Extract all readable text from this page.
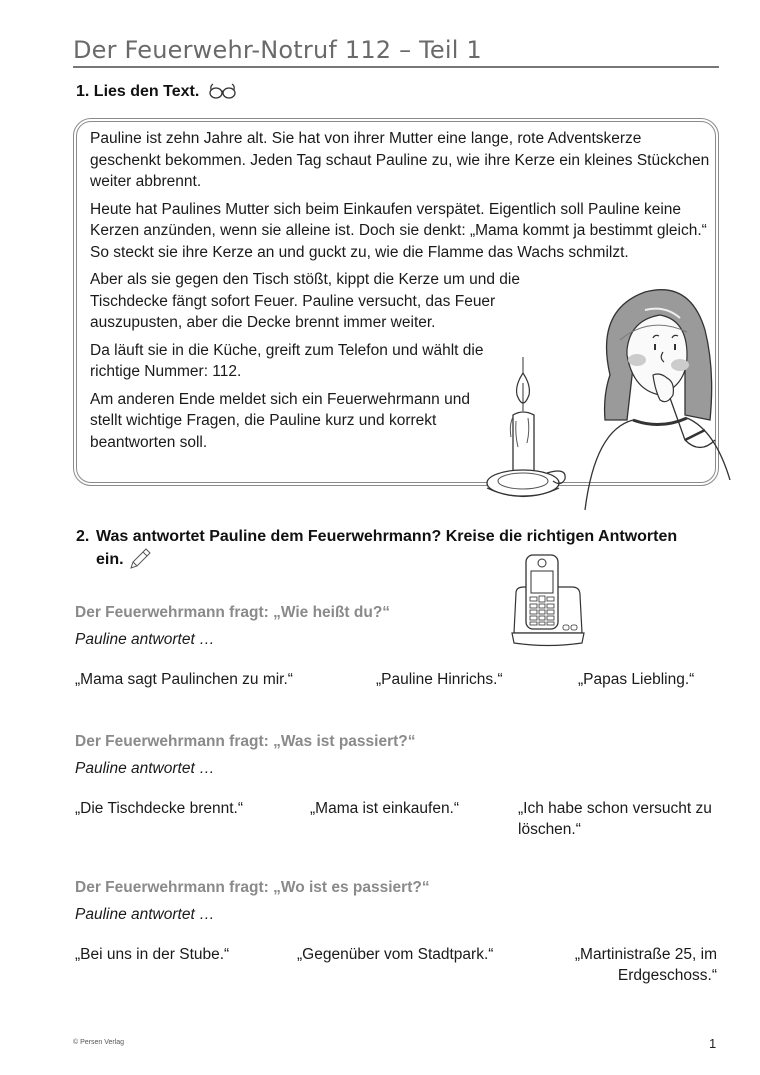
Der Feuerwehr-Notruf 112 – Teil 1
1. Lies den Text.

Pauline ist zehn Jahre alt. Sie hat von ihrer Mutter eine lange, rote Adventskerze geschenkt bekommen. Jeden Tag schaut Pauline zu, wie ihre Kerze ein kleines Stückchen weiter abbrennt.

Heute hat Paulines Mutter sich beim Einkaufen verspätet. Eigentlich soll Pauline keine Kerzen anzünden, wenn sie alleine ist. Doch sie denkt: „Mama kommt ja bestimmt gleich.“ So steckt sie ihre Kerze an und guckt zu, wie die Flamme das Wachs schmilzt.

Aber als sie gegen den Tisch stößt, kippt die Kerze um und die Tischdecke fängt sofort Feuer. Pauline versucht, das Feuer auszupusten, aber die Decke brennt immer weiter.

Da läuft sie in die Küche, greift zum Telefon und wählt die richtige Nummer: 112.

Am anderen Ende meldet sich ein Feuerwehrmann und stellt wichtige Fragen, die Pauline kurz und korrekt beantworten soll.

2. Was antwortet Pauline dem Feuerwehrmann? Kreise die richtigen Antworten
ein.
Der Feuerwehrmann fragt: „Wie heißt du?“
Pauline antwortet …
„Mama sagt Paulinchen zu mir.“	„Pauline Hinrichs.“	„Papas Liebling.“
Der Feuerwehrmann fragt: „Was ist passiert?“
Pauline antwortet …
„Die Tischdecke brennt.“	„Mama ist einkaufen.“	„Ich habe schon versucht zu löschen.“
Der Feuerwehrmann fragt: „Wo ist es passiert?“
Pauline antwortet …
„Bei uns in der Stube.“	„Gegenüber vom Stadtpark.“	„Martinistraße 25, im Erdgeschoss.“
© Persen Verlag	1
